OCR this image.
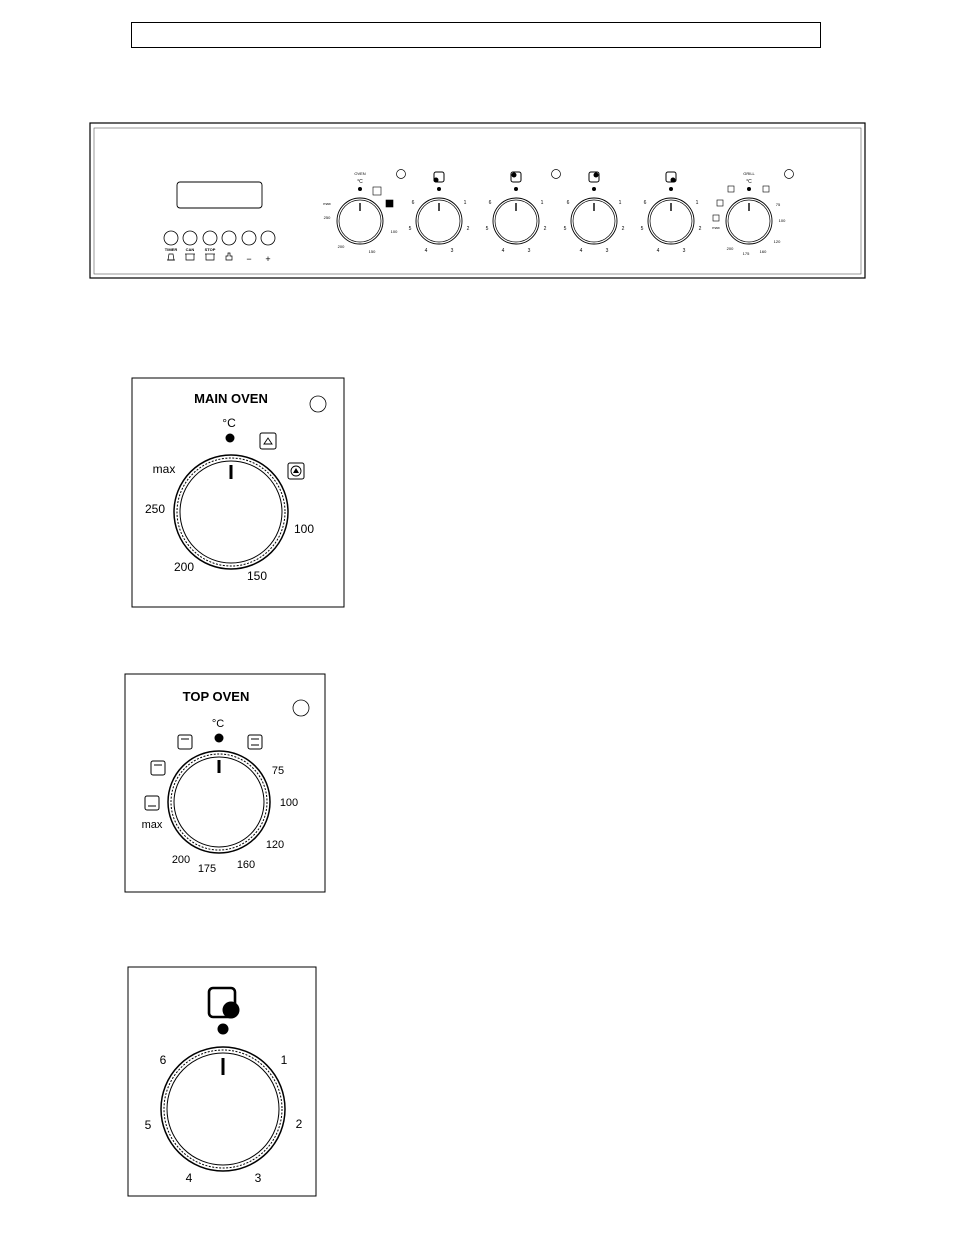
TIMER CAN	STOP
− +
OVEN
°C
max
250
100
200
150
6	1
5	2
4	3
6	1
5	2
4	3
6	1
5	2
4	3
6	1
5	2
4	3
GRILL
°C
75
100
120
max
200
175	160
MAIN OVEN
°C
max
250
100
200
150
TOP OVEN
°C
75
100
120
max
200
175 160
6	1
5	2
4	3
